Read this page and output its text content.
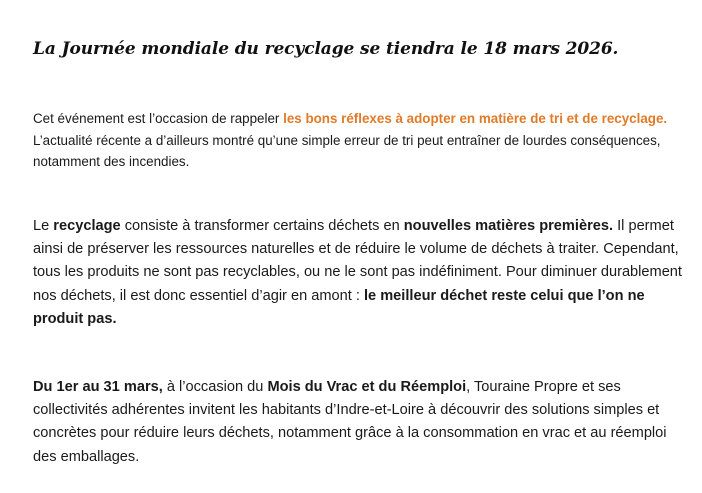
La Journée mondiale du recyclage se tiendra le 18 mars 2026.

Cet événement est l’occasion de rappeler les bons réflexes à adopter en matière de tri et de recyclage. L’actualité récente a d’ailleurs montré qu’une simple erreur de tri peut entraîner de lourdes conséquences, notamment des incendies.

Le recyclage consiste à transformer certains déchets en nouvelles matières premières. Il permet ainsi de préserver les ressources naturelles et de réduire le volume de déchets à traiter. Cependant, tous les produits ne sont pas recyclables, ou ne le sont pas indéfiniment. Pour diminuer durablement nos déchets, il est donc essentiel d’agir en amont : le meilleur déchet reste celui que l’on ne produit pas.

Du 1er au 31 mars, à l’occasion du Mois du Vrac et du Réemploi, Touraine Propre et ses collectivités adhérentes invitent les habitants d’Indre-et-Loire à découvrir des solutions simples et concrètes pour réduire leurs déchets, notamment grâce à la consommation en vrac et au réemploi des emballages.
